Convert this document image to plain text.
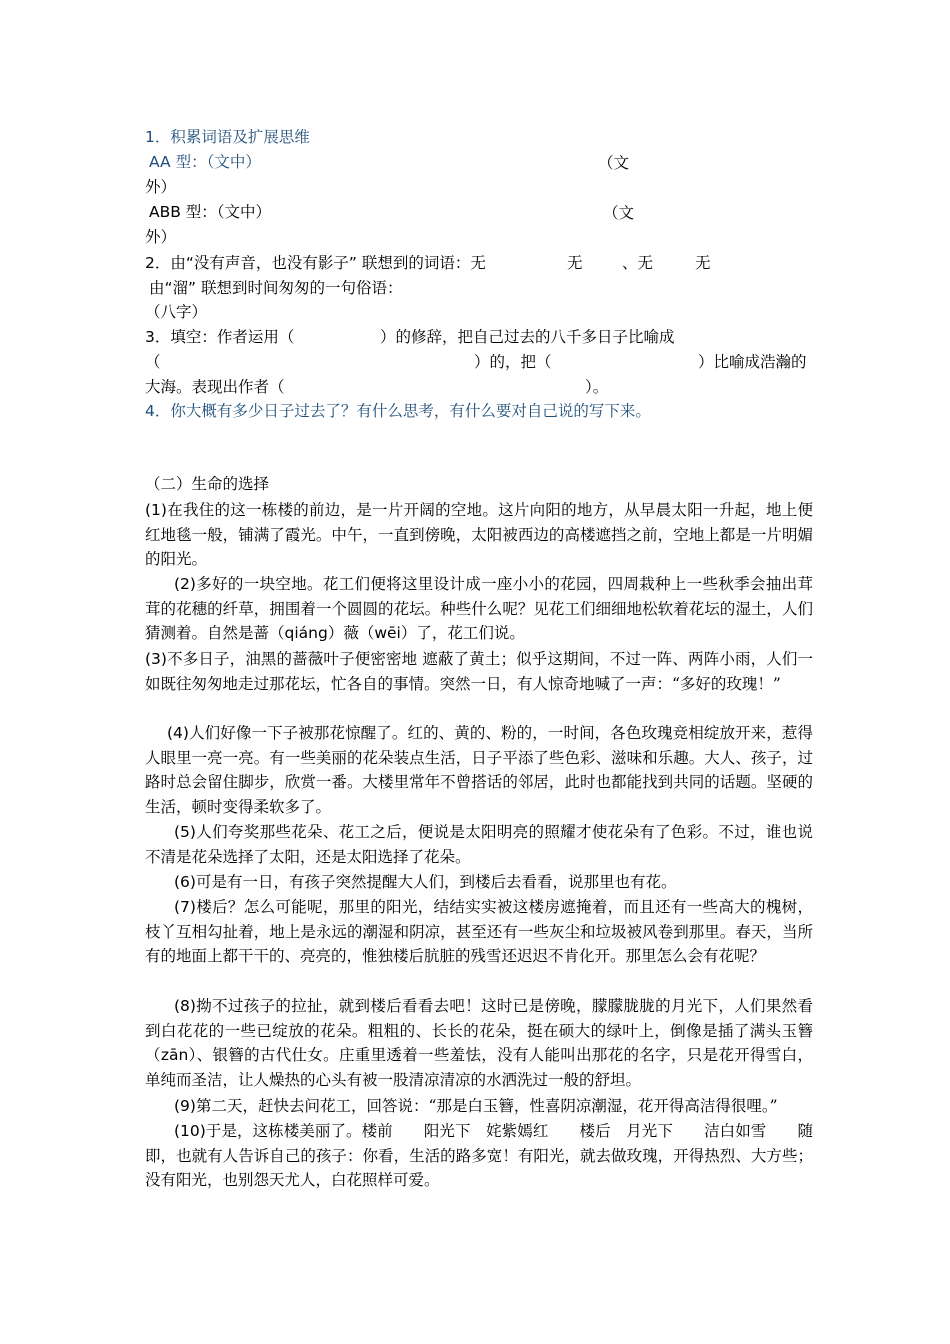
1．积累词语及扩展思维
AA 型：（文中）	（文
外）
ABB 型：（文中）	（文
外）
2．由“没有声音，也没有影子” 联想到的词语：无	无	、无	无
由“溜” 联想到时间匆匆的一句俗语：
（八字）
3．填空：作者运用（	）的修辞，把自己过去的八千多日子比喻成
（	）的，把（	）比喻成浩瀚的
大海。表现出作者（	）。
4．你大概有多少日子过去了？有什么思考，有什么要对自己说的写下来。
（二）生命的选择
(1)在我住的这一栋楼的前边，是一片开阔的空地。这片向阳的地方，从早晨太阳一升起，地上便红地毯一般，铺满了霞光。中午，一直到傍晚，太阳被西边的高楼遮挡之前，空地上都是一片明媚的阳光。
(2)多好的一块空地。花工们便将这里设计成一座小小的花园，四周栽种上一些秋季会抽出茸茸的花穗的纤草，拥围着一个圆圆的花坛。种些什么呢？见花工们细细地松软着花坛的湿土，人们猜测着。自然是蔷（qiáng）薇（wēi）了，花工们说。
(3)不多日子，油黑的蔷薇叶子便密密地 遮蔽了黄土；似乎这期间，不过一阵、两阵小雨，人们一如既往匆匆地走过那花坛，忙各自的事情。突然一日，有人惊奇地喊了一声：“多好的玫瑰！”
(4)人们好像一下子被那花惊醒了。红的、黄的、粉的，一时间，各色玫瑰竞相绽放开来，惹得人眼里一亮一亮。有一些美丽的花朵装点生活，日子平添了些色彩、滋味和乐趣。大人、孩子，过路时总会留住脚步，欣赏一番。大楼里常年不曾搭话的邻居，此时也都能找到共同的话题。坚硬的生活，顿时变得柔软多了。
(5)人们夸奖那些花朵、花工之后，便说是太阳明亮的照耀才使花朵有了色彩。不过，谁也说不清是花朵选择了太阳，还是太阳选择了花朵。
(6)可是有一日，有孩子突然提醒大人们，到楼后去看看，说那里也有花。
(7)楼后？怎么可能呢，那里的阳光，结结实实被这楼房遮掩着，而且还有一些高大的槐树，枝丫互相勾扯着，地上是永远的潮湿和阴凉，甚至还有一些灰尘和垃圾被风卷到那里。春天，当所有的地面上都干干的、亮亮的，惟独楼后肮脏的残雪还迟迟不肯化开。那里怎么会有花呢？
(8)拗不过孩子的拉扯，就到楼后看看去吧！这时已是傍晚，朦朦胧胧的月光下，人们果然看到白花花的一些已绽放的花朵。粗粗的、长长的花朵，挺在硕大的绿叶上，倒像是插了满头玉簪（zān）、银簪的古代仕女。庄重里透着一些羞怯，没有人能叫出那花的名字，只是花开得雪白，单纯而圣洁，让人燥热的心头有被一股清凉清凉的水洒洗过一般的舒坦。
(9)第二天，赶快去问花工，回答说：“那是白玉簪，性喜阴凉潮湿，花开得高洁得很哩。”
(10)于是，这栋楼美丽了。楼前　　阳光下　姹紫嫣红　　楼后　月光下　　洁白如雪　　随即，也就有人告诉自己的孩子：你看，生活的路多宽！有阳光，就去做玫瑰，开得热烈、大方些；没有阳光，也别怨天尤人，白花照样可爱。
